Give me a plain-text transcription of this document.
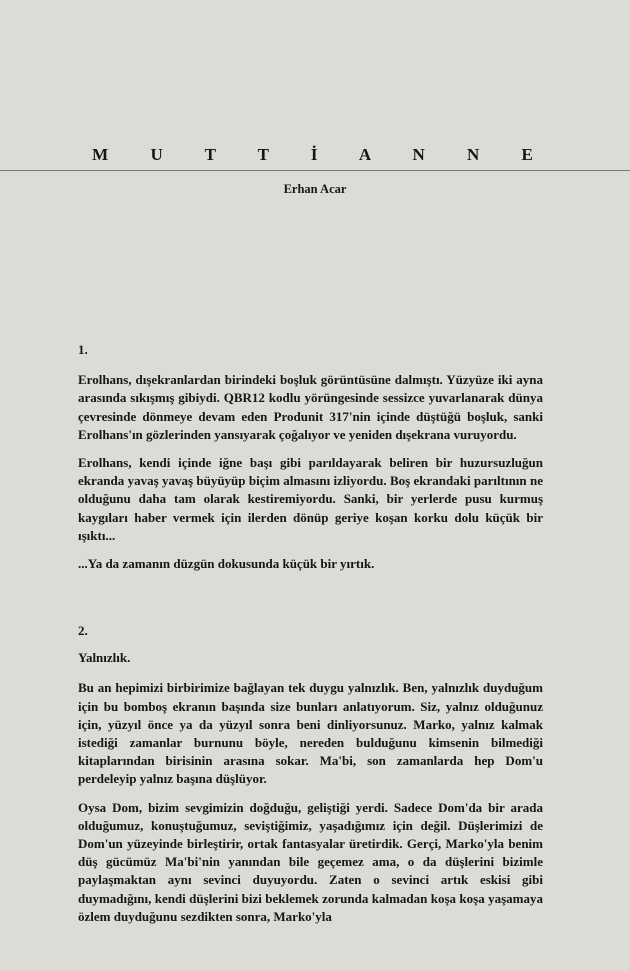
M U T T İ A N N E
Erhan Acar

1.

Erolhans, dışekranlardan birindeki boşluk görüntüsüne dalmıştı. Yüzyüze iki ayna arasında sıkışmış gibiydi. QBR12 kodlu yörüngesinde sessizce yuvarlanarak dünya çevresinde dönmeye devam eden Produnit 317'nin içinde düştüğü boşluk, sanki Erolhans'ın gözlerinden yansıyarak çoğalıyor ve yeniden dışekrana vuruyordu.

Erolhans, kendi içinde iğne başı gibi parıldayarak beliren bir huzursuzluğun ekranda yavaş yavaş büyüyüp biçim almasını izliyordu. Boş ekrandaki parıltının ne olduğunu daha tam olarak kestiremiyordu. Sanki, bir yerlerde pusu kurmuş kaygıları haber vermek için ilerden dönüp geriye koşan korku dolu küçük bir ışıktı...

...Ya da zamanın düzgün dokusunda küçük bir yırtık.

2.

Yalnızlık.

Bu an hepimizi birbirimize bağlayan tek duygu yalnızlık. Ben, yalnızlık duyduğum için bu bomboş ekranın başında size bunları anlatıyorum. Siz, yalnız olduğunuz için, yüzyıl önce ya da yüzyıl sonra beni dinliyorsunuz. Marko, yalnız kalmak istediği zamanlar burnunu böyle, nereden bulduğunu kimsenin bilmediği kitaplarından birisinin arasına sokar. Ma'bi, son zamanlarda hep Dom'u perdeleyip yalnız başına düşlüyor.

Oysa Dom, bizim sevgimizin doğduğu, geliştiği yerdi. Sadece Dom'da bir arada olduğumuz, konuştuğumuz, seviştiğimiz, yaşadığımız için değil. Düşlerimizi de Dom'un yüzeyinde birleştirir, ortak fantasyalar üretirdik. Gerçi, Marko'yla benim düş gücümüz Ma'bi'nin yanından bile geçemez ama, o da düşlerini bizimle paylaşmaktan aynı sevinci duyuyordu. Zaten o sevinci artık eskisi gibi duymadığını, kendi düşlerini bizi beklemek zorunda kalmadan koşa koşa yaşamaya özlem duyduğunu sezdikten sonra, Marko'yla
